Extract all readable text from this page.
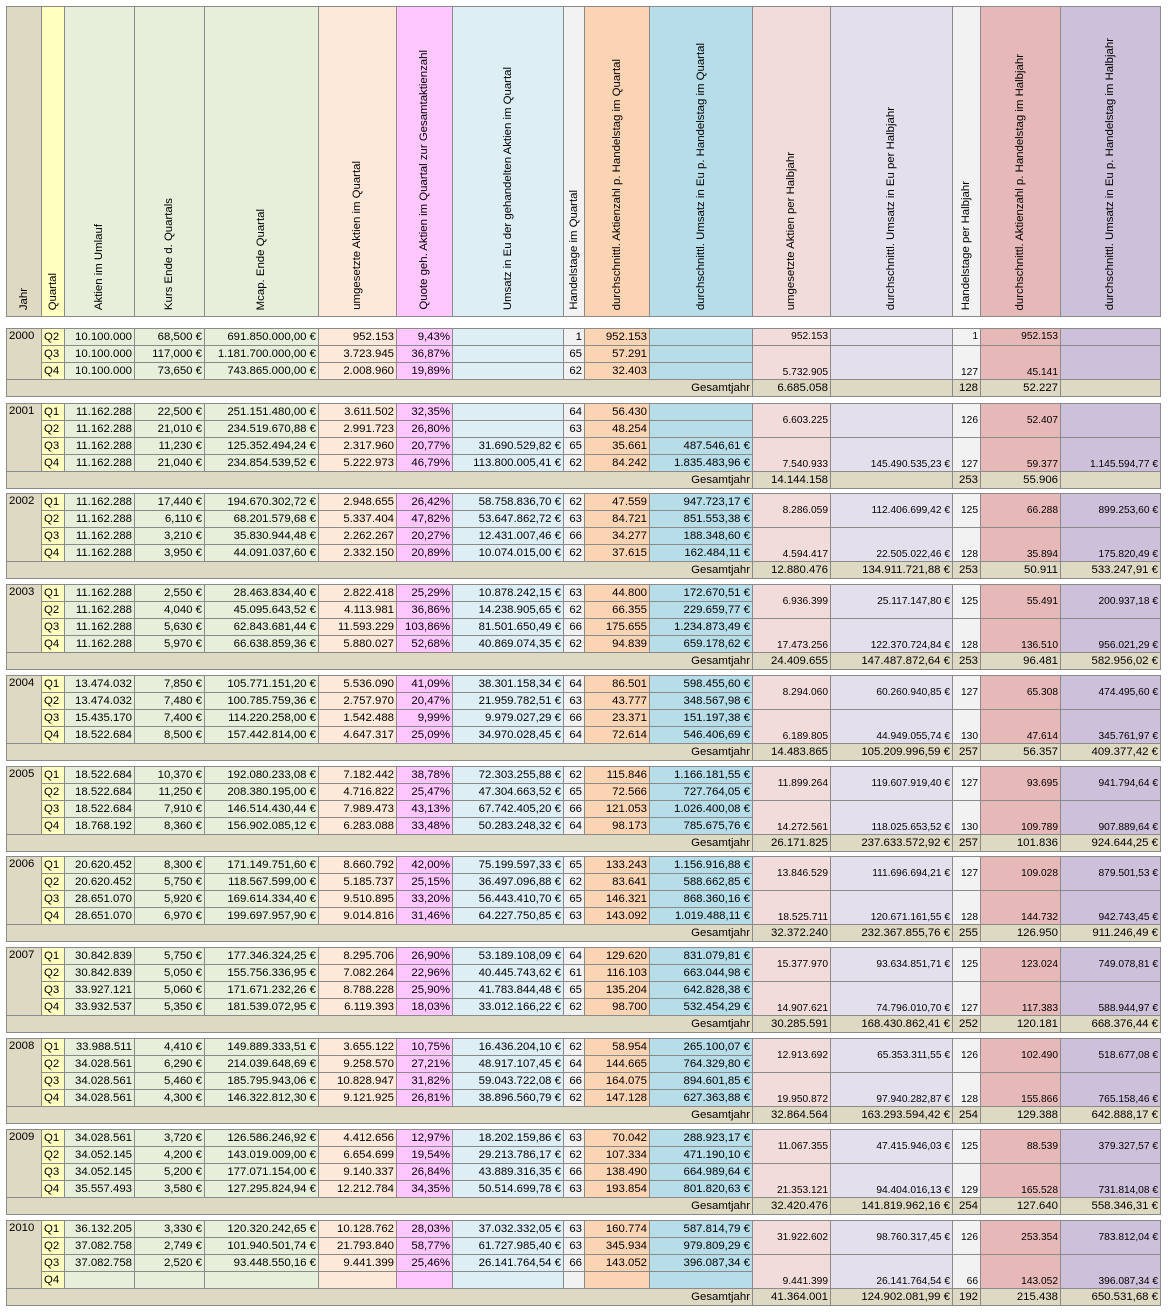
Jahr	Quartal	Aktien im Umlauf	Kurs Ende d. Quartals	Mcap. Ende Quartal	umgesetzte Aktien im Quartal	Quote geh. Aktien im Quartal zur Gesamtaktienzahl	Umsatz in Eu der gehandelten Aktien im Quartal	Handelstage im Quartal	durchschnittl. Aktienzahl p. Handelstag im Quartal	durchschnittl. Umsatz in Eu p. Handelstag im Quartal	umgesetzte Aktien per Halbjahr	durchschnittl. Umsatz in Eu per Halbjahr	Handelstage per Halbjahr	durchschnittl. Aktienzahl p. Handelstag im Halbjahr	durchschnittl. Umsatz in Eu p. Handelstag im Halbjahr
2000	Q2	10.100.000	68,500 €	691.850.000,00 €	952.153	9,43%		1	952.153		952.153		1	952.153	
	Q3	10.100.000	117,000 €	1.181.700.000,00 €	3.723.945	36,87%		65	57.291		5.732.905		127	45.141	
	Q4	10.100.000	73,650 €	743.865.000,00 €	2.008.960	19,89%		62	32.403						
Gesamtjahr											6.685.058		128	52.227	
2001	Q1	11.162.288	22,500 €	251.151.480,00 €	3.611.502	32,35%		64	56.430		6.603.225		126	52.407	
	Q2	11.162.288	21,010 €	234.519.670,88 €	2.991.723	26,80%		63	48.254						
	Q3	11.162.288	11,230 €	125.352.494,24 €	2.317.960	20,77%	31.690.529,82 €	65	35.661	487.546,61 €	7.540.933	145.490.535,23 €	127	59.377	1.145.594,77 €
	Q4	11.162.288	21,040 €	234.854.539,52 €	5.222.973	46,79%	113.800.005,41 €	62	84.242	1.835.483,96 €					
Gesamtjahr											14.144.158		253	55.906	
2002	Q1	11.162.288	17,440 €	194.670.302,72 €	2.948.655	26,42%	58.758.836,70 €	62	47.559	947.723,17 €	8.286.059	112.406.699,42 €	125	66.288	899.253,60 €
	Q2	11.162.288	6,110 €	68.201.579,68 €	5.337.404	47,82%	53.647.862,72 €	63	84.721	851.553,38 €					
	Q3	11.162.288	3,210 €	35.830.944,48 €	2.262.267	20,27%	12.431.007,46 €	66	34.277	188.348,60 €	4.594.417	22.505.022,46 €	128	35.894	175.820,49 €
	Q4	11.162.288	3,950 €	44.091.037,60 €	2.332.150	20,89%	10.074.015,00 €	62	37.615	162.484,11 €					
Gesamtjahr											12.880.476	134.911.721,88 €	253	50.911	533.247,91 €
2003	Q1	11.162.288	2,550 €	28.463.834,40 €	2.822.418	25,29%	10.878.242,15 €	63	44.800	172.670,51 €	6.936.399	25.117.147,80 €	125	55.491	200.937,18 €
	Q2	11.162.288	4,040 €	45.095.643,52 €	4.113.981	36,86%	14.238.905,65 €	62	66.355	229.659,77 €					
	Q3	11.162.288	5,630 €	62.843.681,44 €	11.593.229	103,86%	81.501.650,49 €	66	175.655	1.234.873,49 €	17.473.256	122.370.724,84 €	128	136.510	956.021,29 €
	Q4	11.162.288	5,970 €	66.638.859,36 €	5.880.027	52,68%	40.869.074,35 €	62	94.839	659.178,62 €					
Gesamtjahr											24.409.655	147.487.872,64 €	253	96.481	582.956,02 €
2004	Q1	13.474.032	7,850 €	105.771.151,20 €	5.536.090	41,09%	38.301.158,34 €	64	86.501	598.455,60 €	8.294.060	60.260.940,85 €	127	65.308	474.495,60 €
	Q2	13.474.032	7,480 €	100.785.759,36 €	2.757.970	20,47%	21.959.782,51 €	63	43.777	348.567,98 €					
	Q3	15.435.170	7,400 €	114.220.258,00 €	1.542.488	9,99%	9.979.027,29 €	66	23.371	151.197,38 €	6.189.805	44.949.055,74 €	130	47.614	345.761,97 €
	Q4	18.522.684	8,500 €	157.442.814,00 €	4.647.317	25,09%	34.970.028,45 €	64	72.614	546.406,69 €					
Gesamtjahr											14.483.865	105.209.996,59 €	257	56.357	409.377,42 €
2005	Q1	18.522.684	10,370 €	192.080.233,08 €	7.182.442	38,78%	72.303.255,88 €	62	115.846	1.166.181,55 €	11.899.264	119.607.919,40 €	127	93.695	941.794,64 €
	Q2	18.522.684	11,250 €	208.380.195,00 €	4.716.822	25,47%	47.304.663,52 €	65	72.566	727.764,05 €					
	Q3	18.522.684	7,910 €	146.514.430,44 €	7.989.473	43,13%	67.742.405,20 €	66	121.053	1.026.400,08 €	14.272.561	118.025.653,52 €	130	109.789	907.889,64 €
	Q4	18.768.192	8,360 €	156.902.085,12 €	6.283.088	33,48%	50.283.248,32 €	64	98.173	785.675,76 €					
Gesamtjahr											26.171.825	237.633.572,92 €	257	101.836	924.644,25 €
2006	Q1	20.620.452	8,300 €	171.149.751,60 €	8.660.792	42,00%	75.199.597,33 €	65	133.243	1.156.916,88 €	13.846.529	111.696.694,21 €	127	109.028	879.501,53 €
	Q2	20.620.452	5,750 €	118.567.599,00 €	5.185.737	25,15%	36.497.096,88 €	62	83.641	588.662,85 €					
	Q3	28.651.070	5,920 €	169.614.334,40 €	9.510.895	33,20%	56.443.410,70 €	65	146.321	868.360,16 €	18.525.711	120.671.161,55 €	128	144.732	942.743,45 €
	Q4	28.651.070	6,970 €	199.697.957,90 €	9.014.816	31,46%	64.227.750,85 €	63	143.092	1.019.488,11 €					
Gesamtjahr											32.372.240	232.367.855,76 €	255	126.950	911.246,49 €
2007	Q1	30.842.839	5,750 €	177.346.324,25 €	8.295.706	26,90%	53.189.108,09 €	64	129.620	831.079,81 €	15.377.970	93.634.851,71 €	125	123.024	749.078,81 €
	Q2	30.842.839	5,050 €	155.756.336,95 €	7.082.264	22,96%	40.445.743,62 €	61	116.103	663.044,98 €					
	Q3	33.927.121	5,060 €	171.671.232,26 €	8.788.228	25,90%	41.783.844,48 €	65	135.204	642.828,38 €	14.907.621	74.796.010,70 €	127	117.383	588.944,97 €
	Q4	33.932.537	5,350 €	181.539.072,95 €	6.119.393	18,03%	33.012.166,22 €	62	98.700	532.454,29 €					
Gesamtjahr											30.285.591	168.430.862,41 €	252	120.181	668.376,44 €
2008	Q1	33.988.511	4,410 €	149.889.333,51 €	3.655.122	10,75%	16.436.204,10 €	62	58.954	265.100,07 €	12.913.692	65.353.311,55 €	126	102.490	518.677,08 €
	Q2	34.028.561	6,290 €	214.039.648,69 €	9.258.570	27,21%	48.917.107,45 €	64	144.665	764.329,80 €					
	Q3	34.028.561	5,460 €	185.795.943,06 €	10.828.947	31,82%	59.043.722,08 €	66	164.075	894.601,85 €	19.950.872	97.940.282,87 €	128	155.866	765.158,46 €
	Q4	34.028.561	4,300 €	146.322.812,30 €	9.121.925	26,81%	38.896.560,79 €	62	147.128	627.363,88 €					
Gesamtjahr											32.864.564	163.293.594,42 €	254	129.388	642.888,17 €
2009	Q1	34.028.561	3,720 €	126.586.246,92 €	4.412.656	12,97%	18.202.159,86 €	63	70.042	288.923,17 €	11.067.355	47.415.946,03 €	125	88.539	379.327,57 €
	Q2	34.052.145	4,200 €	143.019.009,00 €	6.654.699	19,54%	29.213.786,17 €	62	107.334	471.190,10 €					
	Q3	34.052.145	5,200 €	177.071.154,00 €	9.140.337	26,84%	43.889.316,35 €	66	138.490	664.989,64 €	21.353.121	94.404.016,13 €	129	165.528	731.814,08 €
	Q4	35.557.493	3,580 €	127.295.824,94 €	12.212.784	34,35%	50.514.699,78 €	63	193.854	801.820,63 €					
Gesamtjahr											32.420.476	141.819.962,16 €	254	127.640	558.346,31 €
2010	Q1	36.132.205	3,330 €	120.320.242,65 €	10.128.762	28,03%	37.032.332,05 €	63	160.774	587.814,79 €	31.922.602	98.760.317,45 €	126	253.354	783.812,04 €
	Q2	37.082.758	2,749 €	101.940.501,74 €	21.793.840	58,77%	61.727.985,40 €	63	345.934	979.809,29 €					
	Q3	37.082.758	2,520 €	93.448.550,16 €	9.441.399	25,46%	26.141.764,54 €	66	143.052	396.087,34 €	9.441.399	26.141.764,54 €	66	143.052	396.087,34 €
	Q4														
Gesamtjahr											41.364.001	124.902.081,99 €	192	215.438	650.531,68 €
